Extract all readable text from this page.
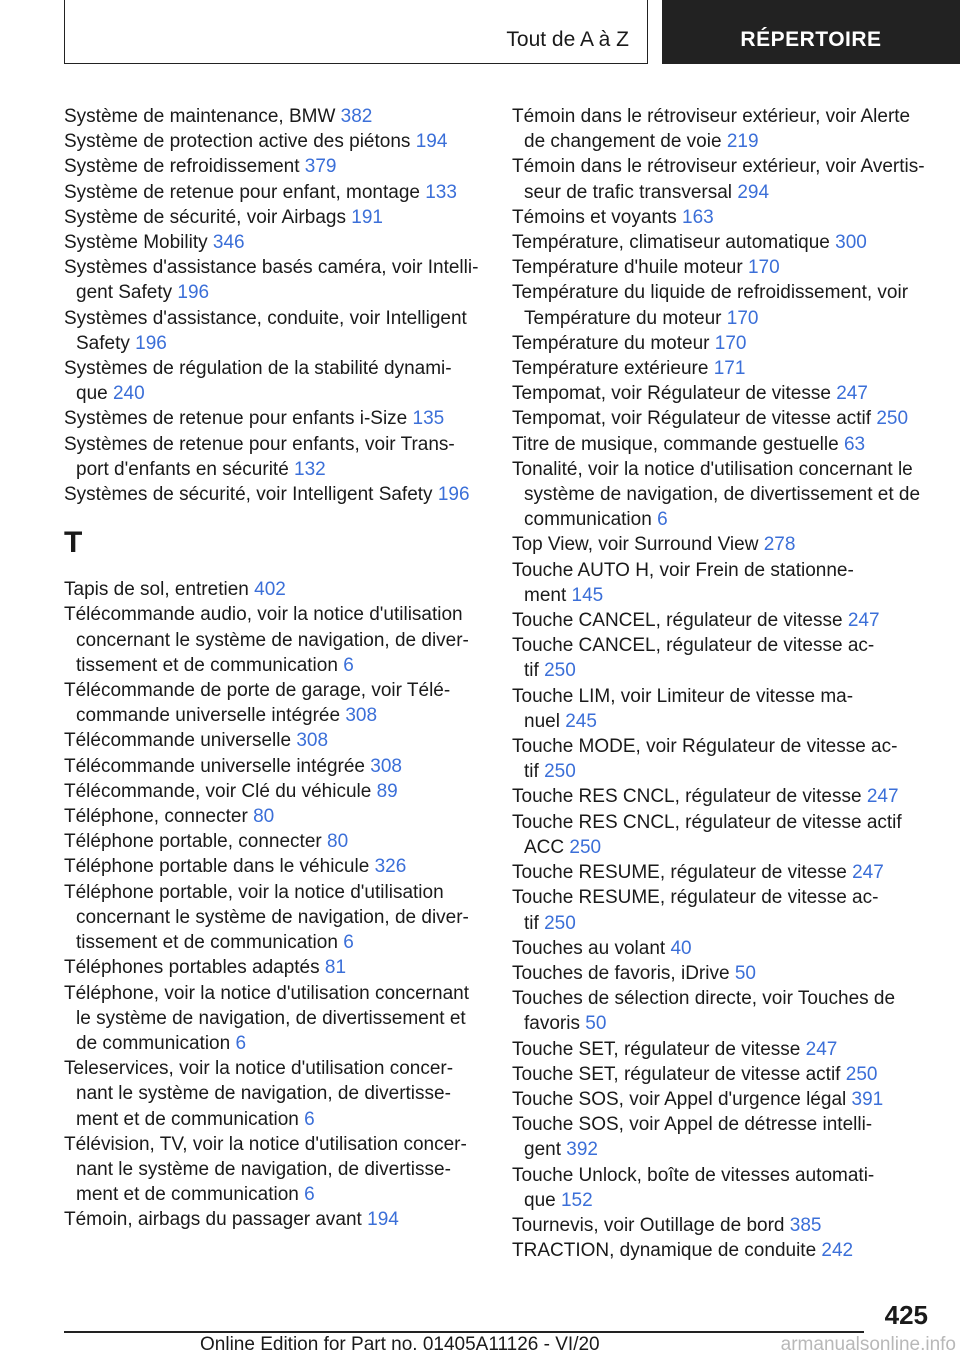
Tout de A à Z	RÉPERTOIRE
Système de maintenance, BMW 382
Système de protection active des piétons 194
Système de refroidissement 379
Système de retenue pour enfant, montage 133
Système de sécurité, voir Airbags 191
Système Mobility 346
Systèmes d'assistance basés caméra, voir Intelli‐
gent Safety 196
Systèmes d'assistance, conduite, voir Intelligent
Safety 196
Systèmes de régulation de la stabilité dynami‐
que 240
Systèmes de retenue pour enfants i-Size 135
Systèmes de retenue pour enfants, voir Trans‐
port d'enfants en sécurité 132
Systèmes de sécurité, voir Intelligent Safety 196
T
Tapis de sol, entretien 402
Télécommande audio, voir la notice d'utilisation
concernant le système de navigation, de diver‐
tissement et de communication 6
Télécommande de porte de garage, voir Télé‐
commande universelle intégrée 308
Télécommande universelle 308
Télécommande universelle intégrée 308
Télécommande, voir Clé du véhicule 89
Téléphone, connecter 80
Téléphone portable, connecter 80
Téléphone portable dans le véhicule 326
Téléphone portable, voir la notice d'utilisation
concernant le système de navigation, de diver‐
tissement et de communication 6
Téléphones portables adaptés 81
Téléphone, voir la notice d'utilisation concernant
le système de navigation, de divertissement et
de communication 6
Teleservices, voir la notice d'utilisation concer‐
nant le système de navigation, de divertisse‐
ment et de communication 6
Télévision, TV, voir la notice d'utilisation concer‐
nant le système de navigation, de divertisse‐
ment et de communication 6
Témoin, airbags du passager avant 194
Témoin dans le rétroviseur extérieur, voir Alerte
de changement de voie 219
Témoin dans le rétroviseur extérieur, voir Avertis‐
seur de trafic transversal 294
Témoins et voyants 163
Température, climatiseur automatique 300
Température d'huile moteur 170
Température du liquide de refroidissement, voir
Température du moteur 170
Température du moteur 170
Température extérieure 171
Tempomat, voir Régulateur de vitesse 247
Tempomat, voir Régulateur de vitesse actif 250
Titre de musique, commande gestuelle 63
Tonalité, voir la notice d'utilisation concernant le
système de navigation, de divertissement et de
communication 6
Top View, voir Surround View 278
Touche AUTO H, voir Frein de stationne‐
ment 145
Touche CANCEL, régulateur de vitesse 247
Touche CANCEL, régulateur de vitesse ac‐
tif 250
Touche LIM, voir Limiteur de vitesse ma‐
nuel 245
Touche MODE, voir Régulateur de vitesse ac‐
tif 250
Touche RES CNCL, régulateur de vitesse 247
Touche RES CNCL, régulateur de vitesse actif
ACC 250
Touche RESUME, régulateur de vitesse 247
Touche RESUME, régulateur de vitesse ac‐
tif 250
Touches au volant 40
Touches de favoris, iDrive 50
Touches de sélection directe, voir Touches de
favoris 50
Touche SET, régulateur de vitesse 247
Touche SET, régulateur de vitesse actif 250
Touche SOS, voir Appel d'urgence légal 391
Touche SOS, voir Appel de détresse intelli‐
gent 392
Touche Unlock, boîte de vitesses automati‐
que 152
Tournevis, voir Outillage de bord 385
TRACTION, dynamique de conduite 242
425
Online Edition for Part no. 01405A11126 - VI/20	armanualsonline.info
